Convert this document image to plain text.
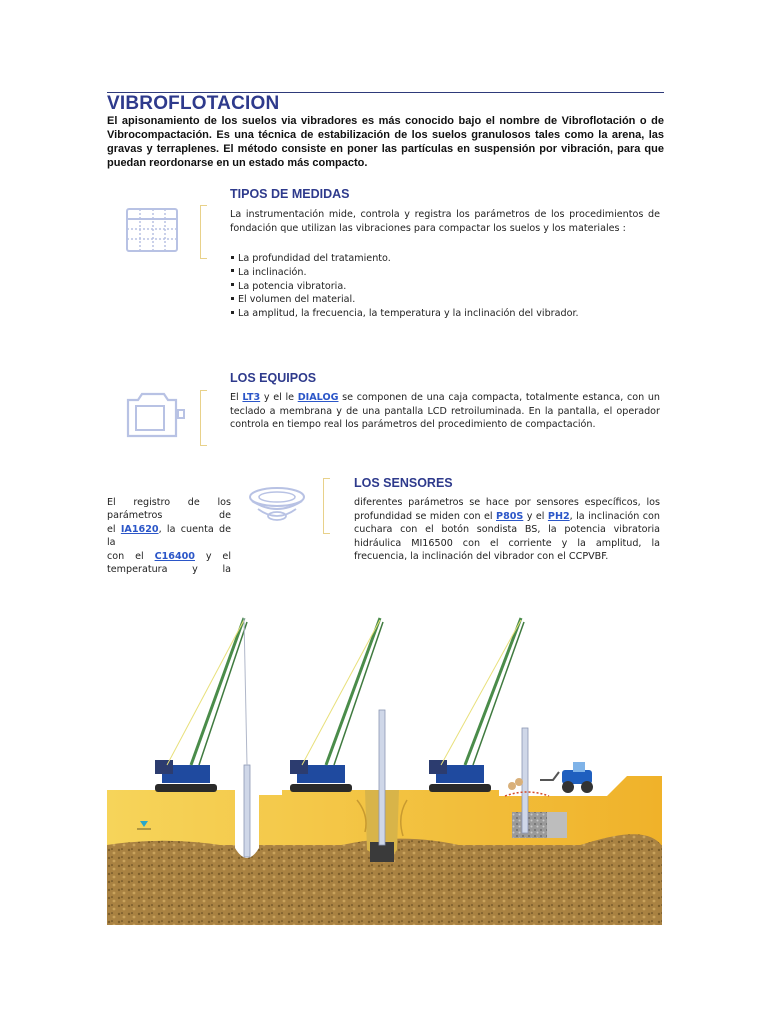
VIBROFLOTACION
El apisonamiento de los suelos via vibradores es más conocido bajo el nombre de Vibroflotación o de Vibrocompactación. Es una técnica de estabilización de los suelos granulosos tales como la arena, las gravas y terraplenes. El método consiste en poner las partículas en suspensión por vibración, para que puedan reordonarse en un estado más compacto.
TIPOS DE MEDIDAS
La instrumentación mide, controla y registra los parámetros de los procedimientos de fondación que utilizan las vibraciones para compactar los suelos y los materiales :
La profundidad del tratamiento.
La inclinación.
La potencia vibratoria.
El volumen del material.
La amplitud, la frecuencia, la temperatura y la inclinación del vibrador.
LOS EQUIPOS
El LT3 y el le DIALOG se componen de una caja compacta, totalmente estanca, con un teclado a membrana y de una pantalla LCD retroiluminada. En la pantalla, el operador controla en tiempo real los parámetros del procedimiento de compactación.
El registro de los
parámetros de
el IA1620, la cuenta de la
con el C16400 y el
temperatura y la
LOS SENSORES
diferentes parámetros se hace por sensores específicos, los profundidad se miden con el P80S y el PH2, la inclinación con cuchara con el botón sondista BS, la potencia vibratoria hidráulica MI16500 con el corriente y la amplitud, la frecuencia, la inclinación del vibrador con el CCPVBF.
